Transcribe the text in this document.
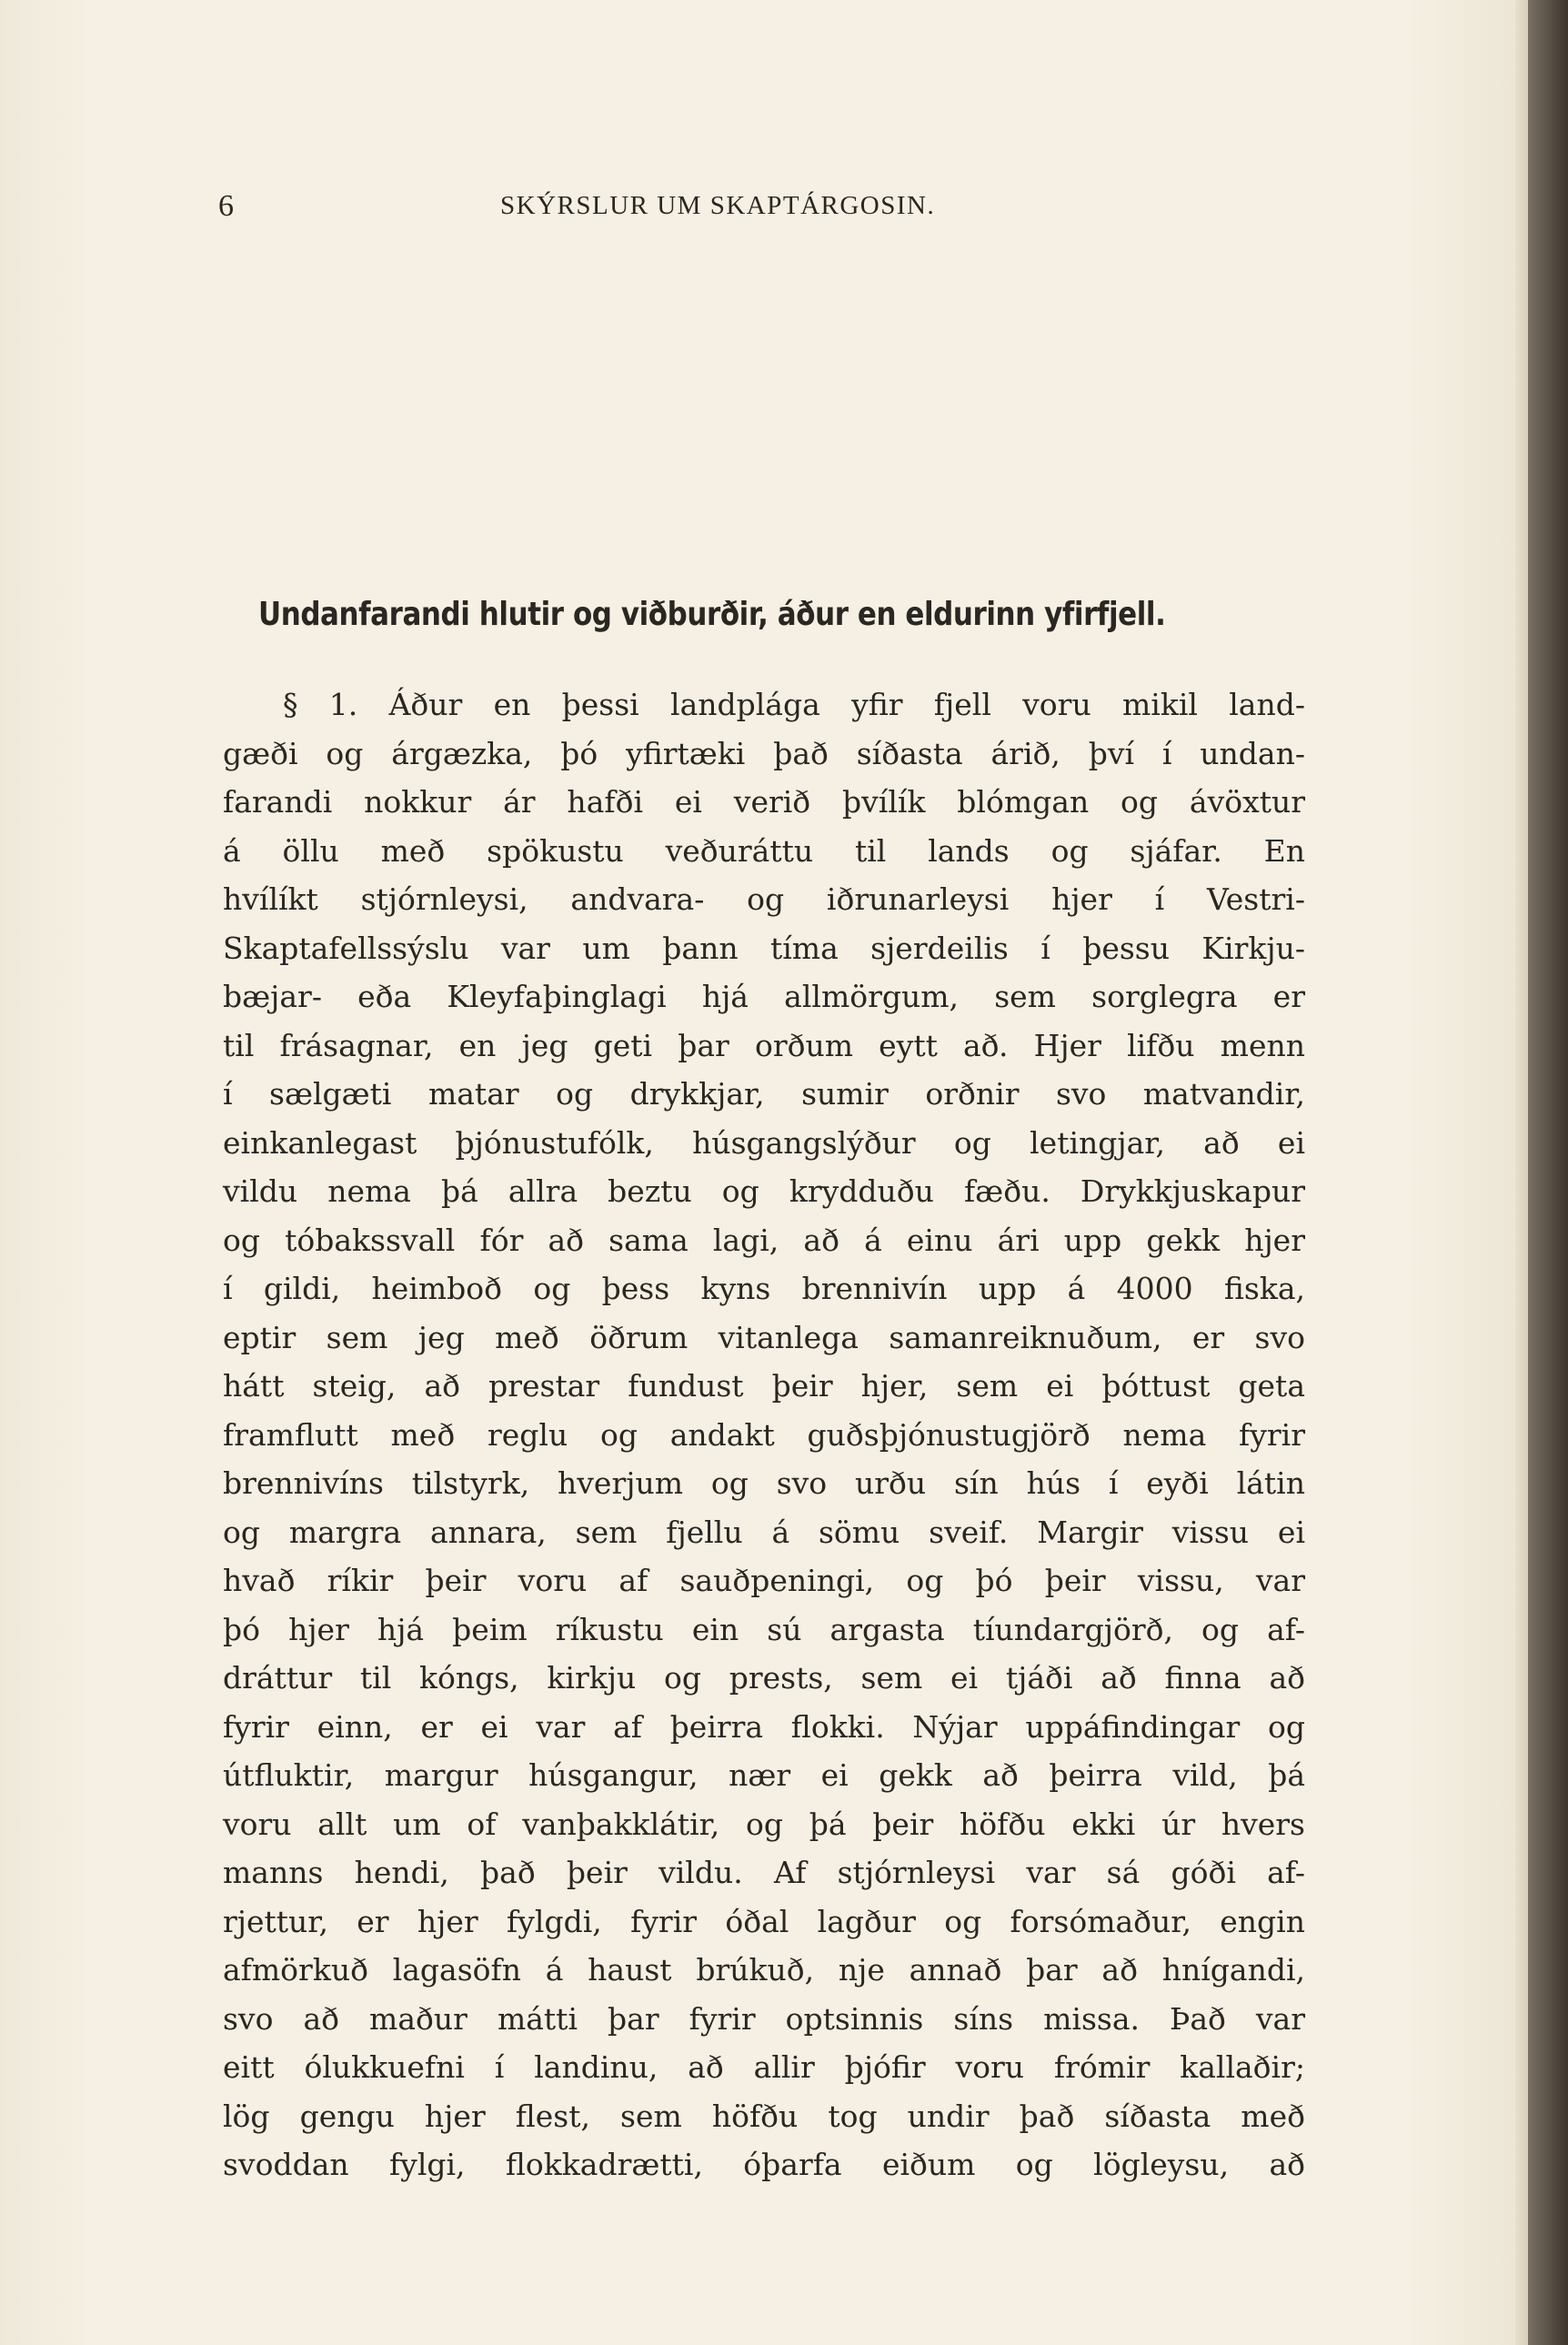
6	SKÝRSLUR UM SKAPTÁRGOSIN.
Undanfarandi hlutir og viðburðir, áður en eldurinn yfirfjell.
§ 1. Áður en þessi landplága yfir fjell voru mikil land-
gæði og árgæzka, þó yfirtæki það síðasta árið, því í undan-
farandi nokkur ár hafði ei verið þvílík blómgan og ávöxtur
á öllu með spökustu veðuráttu til lands og sjáfar. En
hvílíkt stjórnleysi, andvara- og iðrunarleysi hjer í Vestri-
Skaptafellssýslu var um þann tíma sjerdeilis í þessu Kirkju-
bæjar- eða Kleyfaþinglagi hjá allmörgum, sem sorglegra er
til frásagnar, en jeg geti þar orðum eytt að. Hjer lifðu menn
í sælgæti matar og drykkjar, sumir orðnir svo matvandir,
einkanlegast þjónustufólk, húsgangslýður og letingjar, að ei
vildu nema þá allra beztu og krydduðu fæðu. Drykkjuskapur
og tóbakssvall fór að sama lagi, að á einu ári upp gekk hjer
í gildi, heimboð og þess kyns brennivín upp á 4000 fiska,
eptir sem jeg með öðrum vitanlega samanreiknuðum, er svo
hátt steig, að prestar fundust þeir hjer, sem ei þóttust geta
framflutt með reglu og andakt guðsþjónustugjörð nema fyrir
brennivíns tilstyrk, hverjum og svo urðu sín hús í eyði látin
og margra annara, sem fjellu á sömu sveif. Margir vissu ei
hvað ríkir þeir voru af sauðpeningi, og þó þeir vissu, var
þó hjer hjá þeim ríkustu ein sú argasta tíundargjörð, og af-
dráttur til kóngs, kirkju og prests, sem ei tjáði að finna að
fyrir einn, er ei var af þeirra flokki. Nýjar uppáfindingar og
útfluktir, margur húsgangur, nær ei gekk að þeirra vild, þá
voru allt um of vanþakklátir, og þá þeir höfðu ekki úr hvers
manns hendi, það þeir vildu. Af stjórnleysi var sá góði af-
rjettur, er hjer fylgdi, fyrir óðal lagður og forsómaður, engin
afmörkuð lagasöfn á haust brúkuð, nje annað þar að hnígandi,
svo að maður mátti þar fyrir optsinnis síns missa. Það var
eitt ólukkuefni í landinu, að allir þjófir voru frómir kallaðir;
lög gengu hjer flest, sem höfðu tog undir það síðasta með
svoddan fylgi, flokkadrætti, óþarfa eiðum og lögleysu, að
